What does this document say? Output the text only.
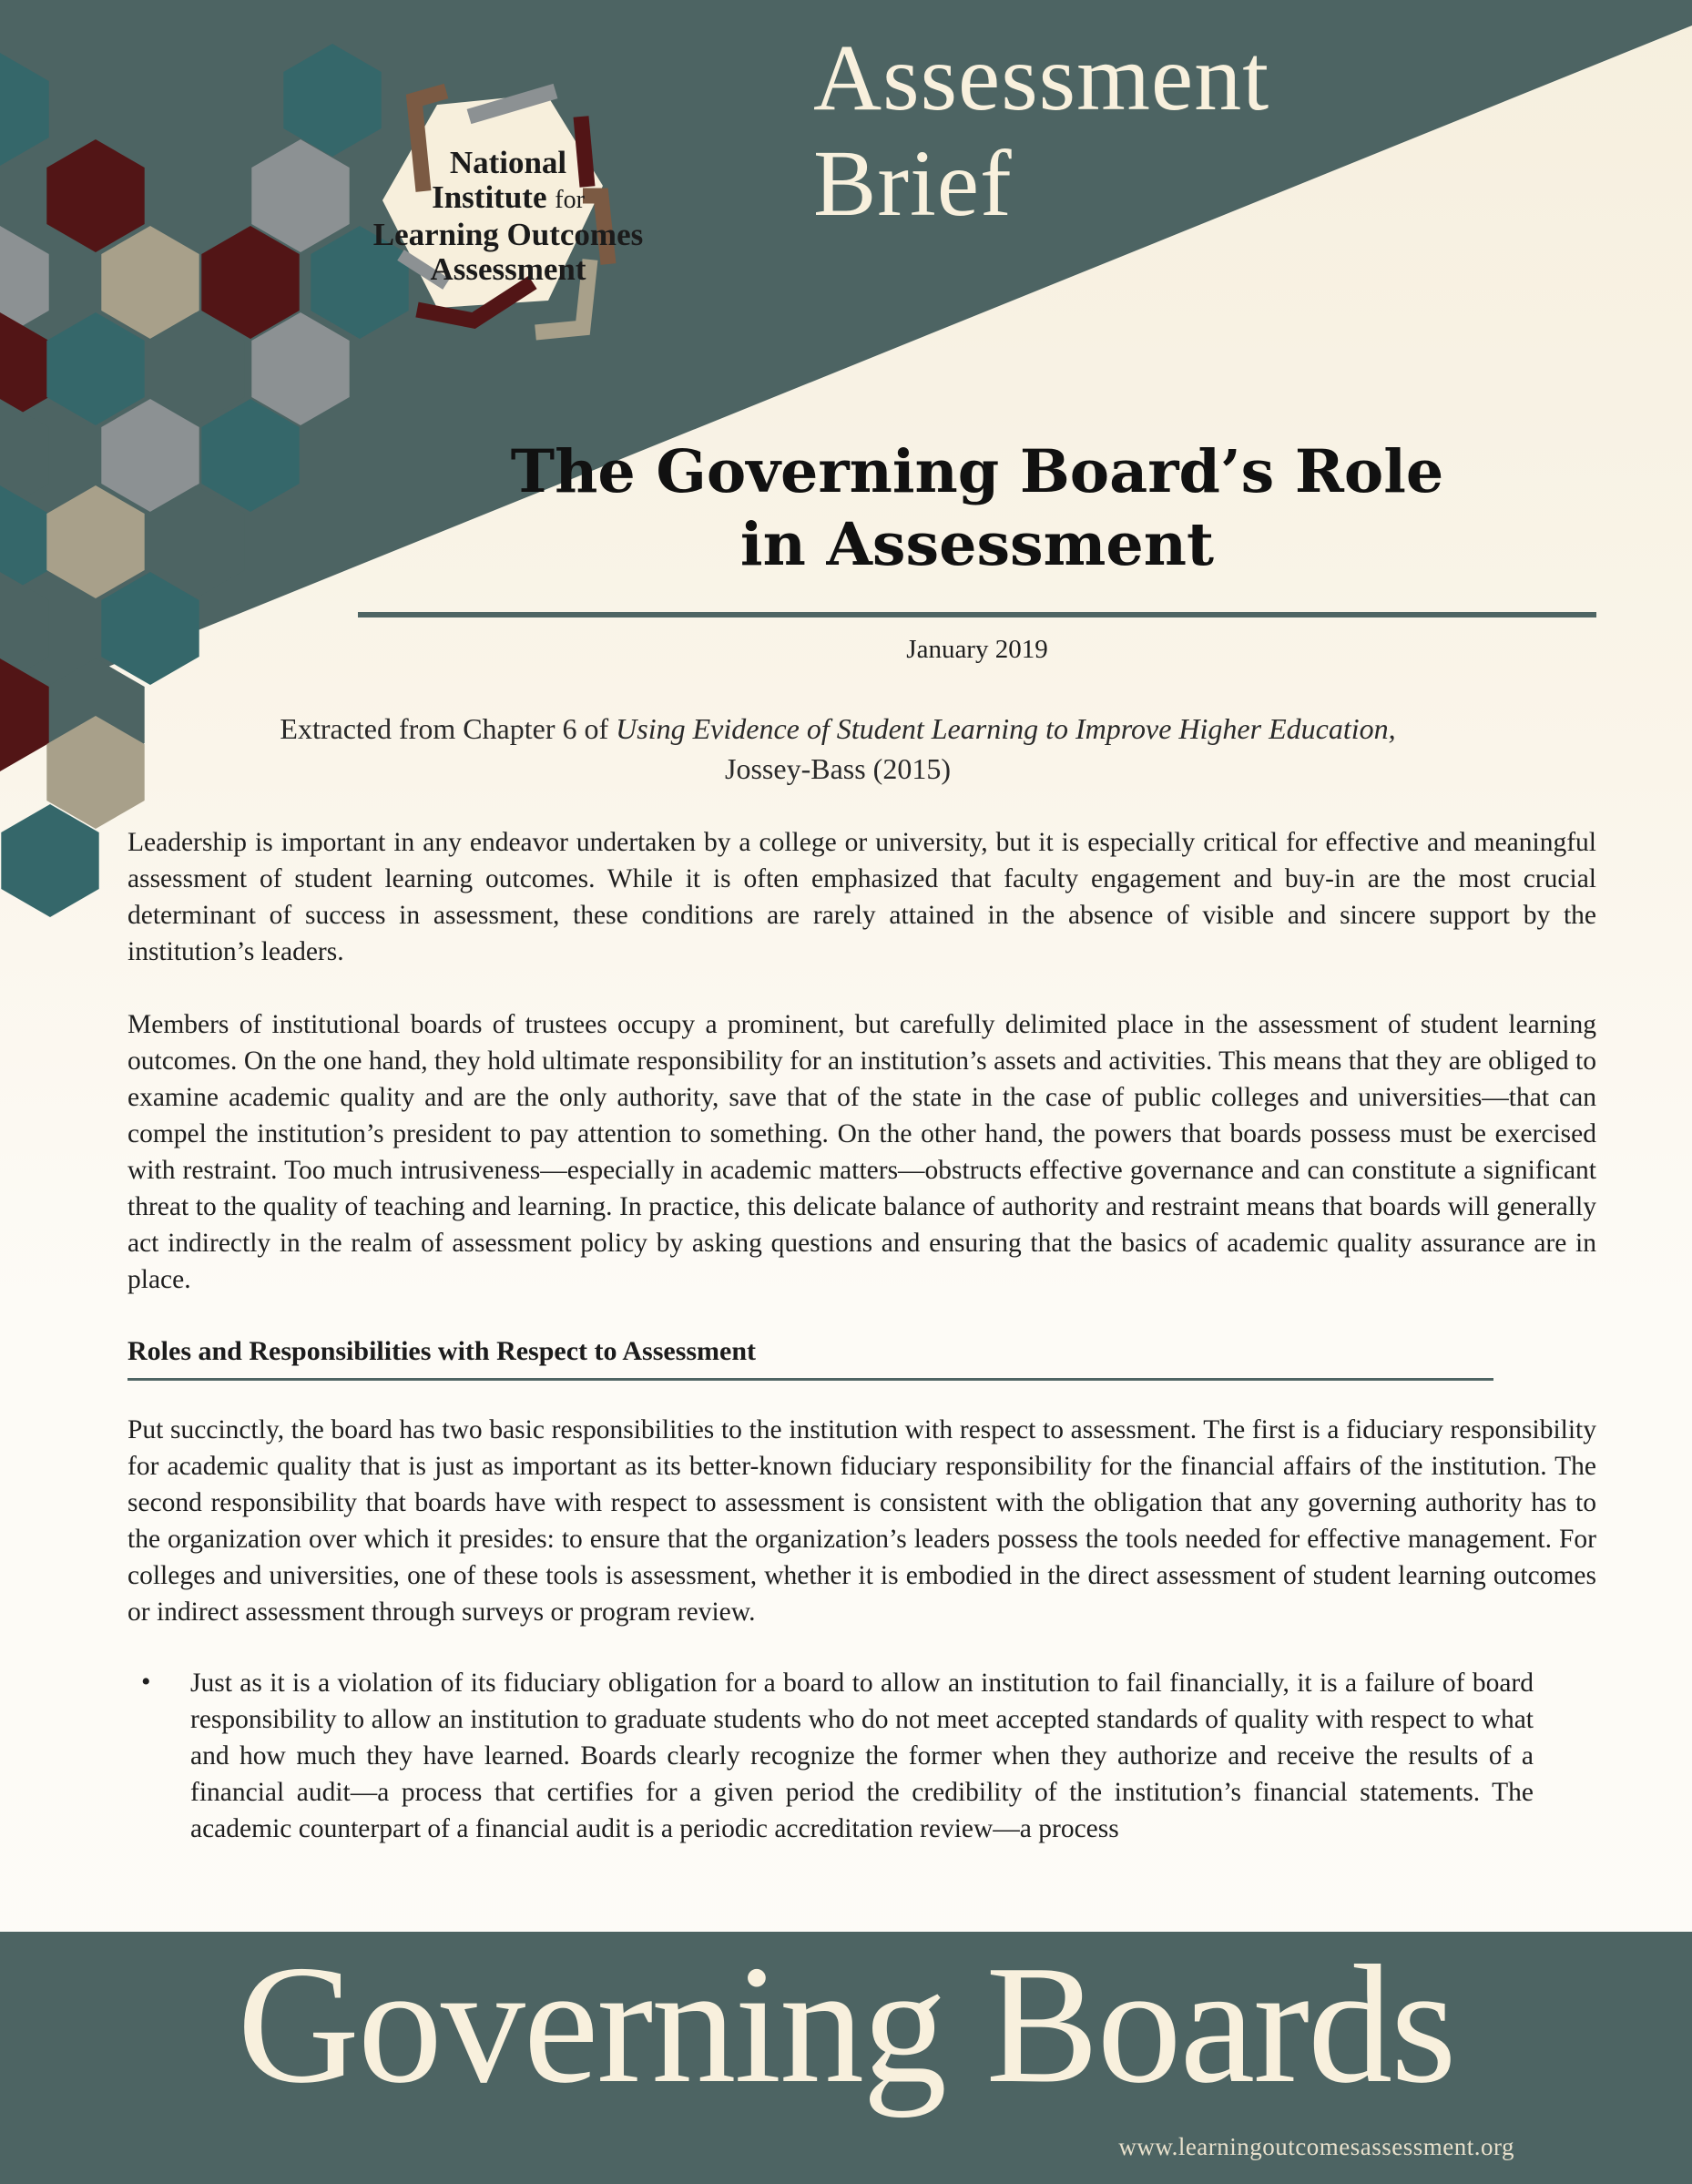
Assessment
Brief
National
Institute for
Learning Outcomes
Assessment
The Governing Board’s Role
in Assessment
January 2019
Extracted from Chapter 6 of Using Evidence of Student Learning to Improve Higher Education,
Jossey-Bass (2015)

Leadership is important in any endeavor undertaken by a college or university, but it is especially critical for effective and meaningful assessment of student learning outcomes. While it is often emphasized that faculty engagement and buy-in are the most crucial determinant of success in assessment, these conditions are rarely attained in the absence of visible and sincere support by the institution’s leaders.

Members of institutional boards of trustees occupy a prominent, but carefully delimited place in the assessment of student learning outcomes. On the one hand, they hold ultimate responsibility for an institution’s assets and activities. This means that they are obliged to examine academic quality and are the only authority, save that of the state in the case of public colleges and universities—that can compel the institution’s president to pay attention to something. On the other hand, the powers that boards possess must be exercised with restraint. Too much intrusiveness—especially in academic matters—obstructs effective governance and can constitute a significant threat to the quality of teaching and learning. In practice, this delicate balance of authority and restraint means that boards will generally act indirectly in the realm of assessment policy by asking questions and ensuring that the basics of academic quality assurance are in place.

Roles and Responsibilities with Respect to Assessment

Put succinctly, the board has two basic responsibilities to the institution with respect to assessment. The first is a fiduciary responsibility for academic quality that is just as important as its better-known fiduciary responsibility for the financial affairs of the institution. The second responsibility that boards have with respect to assessment is consistent with the obligation that any governing authority has to the organization over which it presides: to ensure that the organization’s leaders possess the tools needed for effective management. For colleges and universities, one of these tools is assessment, whether it is embodied in the direct assessment of student learning outcomes or indirect assessment through surveys or program review.

• Just as it is a violation of its fiduciary obligation for a board to allow an institution to fail financially, it is a failure of board responsibility to allow an institution to graduate students who do not meet accepted standards of quality with respect to what and how much they have learned. Boards clearly recognize the former when they authorize and receive the results of a financial audit—a process that certifies for a given period the credibility of the institution’s financial statements. The academic counterpart of a financial audit is a periodic accreditation review—a process

Governing Boards
www.learningoutcomesassessment.org
